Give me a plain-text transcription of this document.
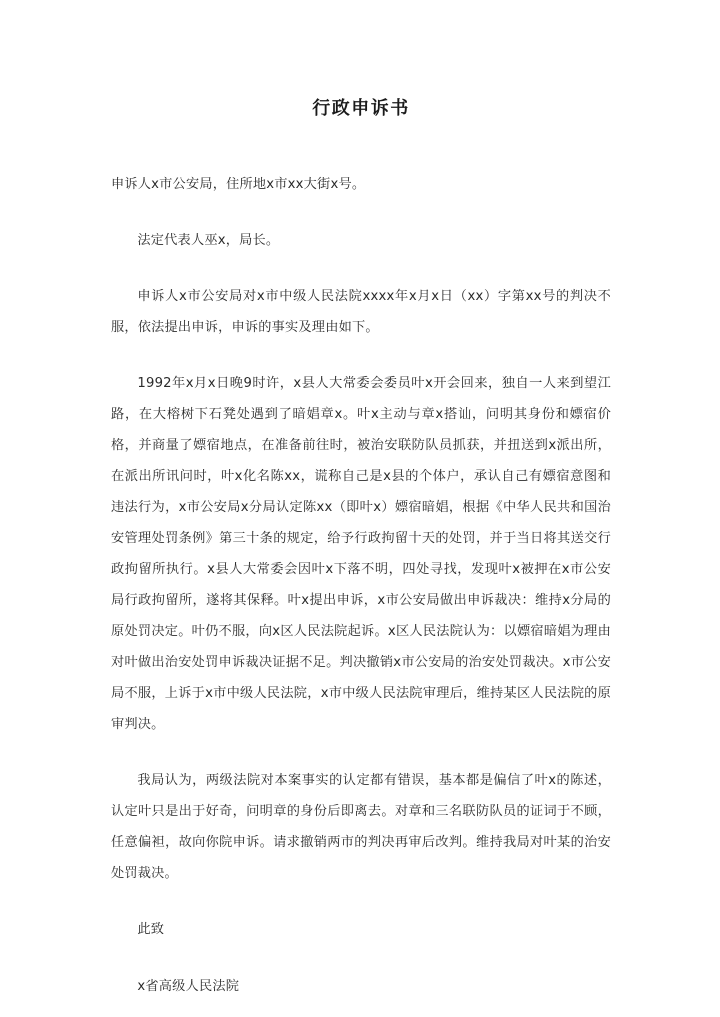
行政申诉书

申诉人x市公安局，住所地x市xx大街x号。

法定代表人巫x，局长。

申诉人x市公安局对x市中级人民法院xxxx年x月x日（xx）字第xx号的判决不服，依法提出申诉，申诉的事实及理由如下。

1992年x月x日晚9时许，x县人大常委会委员叶x开会回来，独自一人来到望江路，在大榕树下石凳处遇到了暗娼章x。叶x主动与章x搭讪，问明其身份和嫖宿价格，并商量了嫖宿地点，在准备前往时，被治安联防队员抓获，并扭送到x派出所，在派出所讯问时，叶x化名陈xx，谎称自己是x县的个体户，承认自己有嫖宿意图和违法行为，x市公安局x分局认定陈xx（即叶x）嫖宿暗娼，根据《中华人民共和国治安管理处罚条例》第三十条的规定，给予行政拘留十天的处罚，并于当日将其送交行政拘留所执行。x县人大常委会因叶x下落不明，四处寻找，发现叶x被押在x市公安局行政拘留所，遂将其保释。叶x提出申诉，x市公安局做出申诉裁决：维持x分局的原处罚决定。叶仍不服，向x区人民法院起诉。x区人民法院认为：以嫖宿暗娼为理由对叶做出治安处罚申诉裁决证据不足。判决撤销x市公安局的治安处罚裁决。x市公安局不服，上诉于x市中级人民法院，x市中级人民法院审理后，维持某区人民法院的原审判决。

我局认为，两级法院对本案事实的认定都有错误，基本都是偏信了叶x的陈述，认定叶只是出于好奇，问明章的身份后即离去。对章和三名联防队员的证词于不顾，任意偏袒，故向你院申诉。请求撤销两市的判决再审后改判。维持我局对叶某的治安处罚裁决。

此致

x省高级人民法院
